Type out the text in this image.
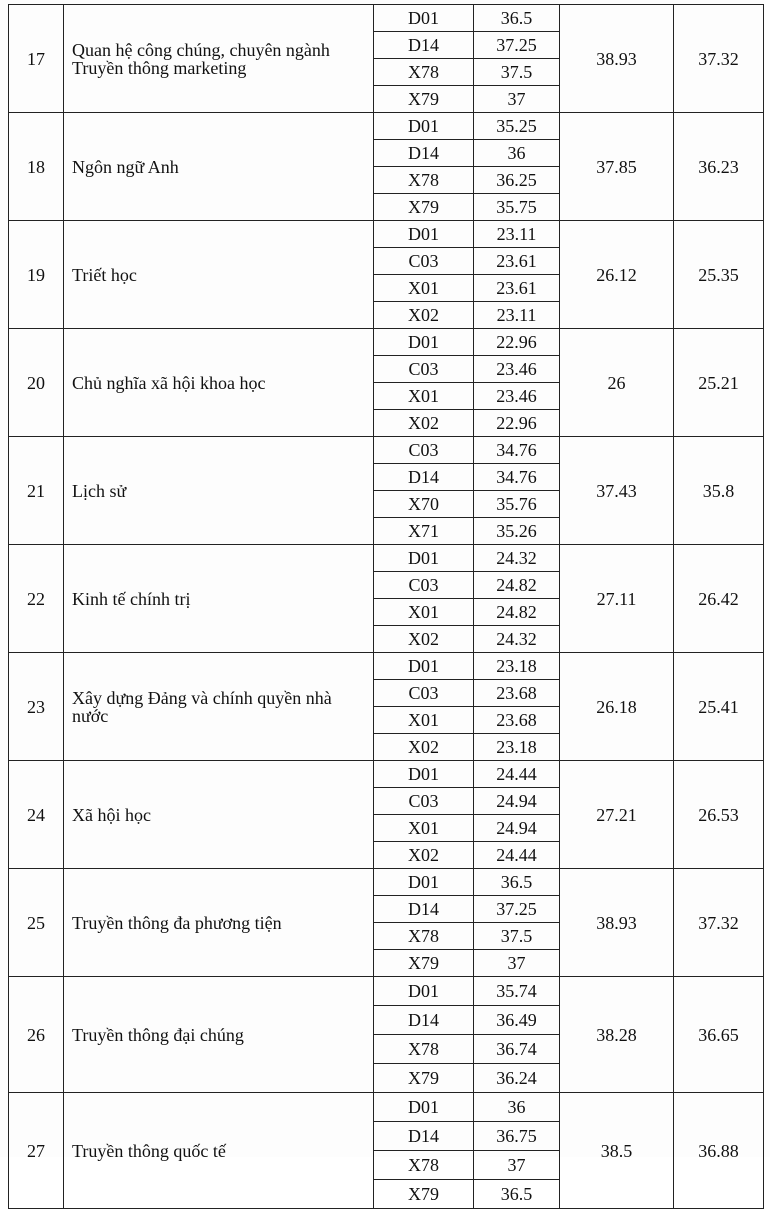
17	Quan hệ công chúng, chuyên ngành Truyền thông marketing	D01	36.5	38.93	37.32
		D14	37.25		
		X78	37.5		
		X79	37		
18	Ngôn ngữ Anh	D01	35.25	37.85	36.23
		D14	36		
		X78	36.25		
		X79	35.75		
19	Triết học	D01	23.11	26.12	25.35
		C03	23.61		
		X01	23.61		
		X02	23.11		
20	Chủ nghĩa xã hội khoa học	D01	22.96	26	25.21
		C03	23.46		
		X01	23.46		
		X02	22.96		
21	Lịch sử	C03	34.76	37.43	35.8
		D14	34.76		
		X70	35.76		
		X71	35.26		
22	Kinh tế chính trị	D01	24.32	27.11	26.42
		C03	24.82		
		X01	24.82		
		X02	24.32		
23	Xây dựng Đảng và chính quyền nhà nước	D01	23.18	26.18	25.41
		C03	23.68		
		X01	23.68		
		X02	23.18		
24	Xã hội học	D01	24.44	27.21	26.53
		C03	24.94		
		X01	24.94		
		X02	24.44		
25	Truyền thông đa phương tiện	D01	36.5	38.93	37.32
		D14	37.25		
		X78	37.5		
		X79	37		
26	Truyền thông đại chúng	D01	35.74	38.28	36.65
		D14	36.49		
		X78	36.74		
		X79	36.24		
27	Truyền thông quốc tế	D01	36	38.5	36.88
		D14	36.75		
		X78	37		
		X79	36.5		
